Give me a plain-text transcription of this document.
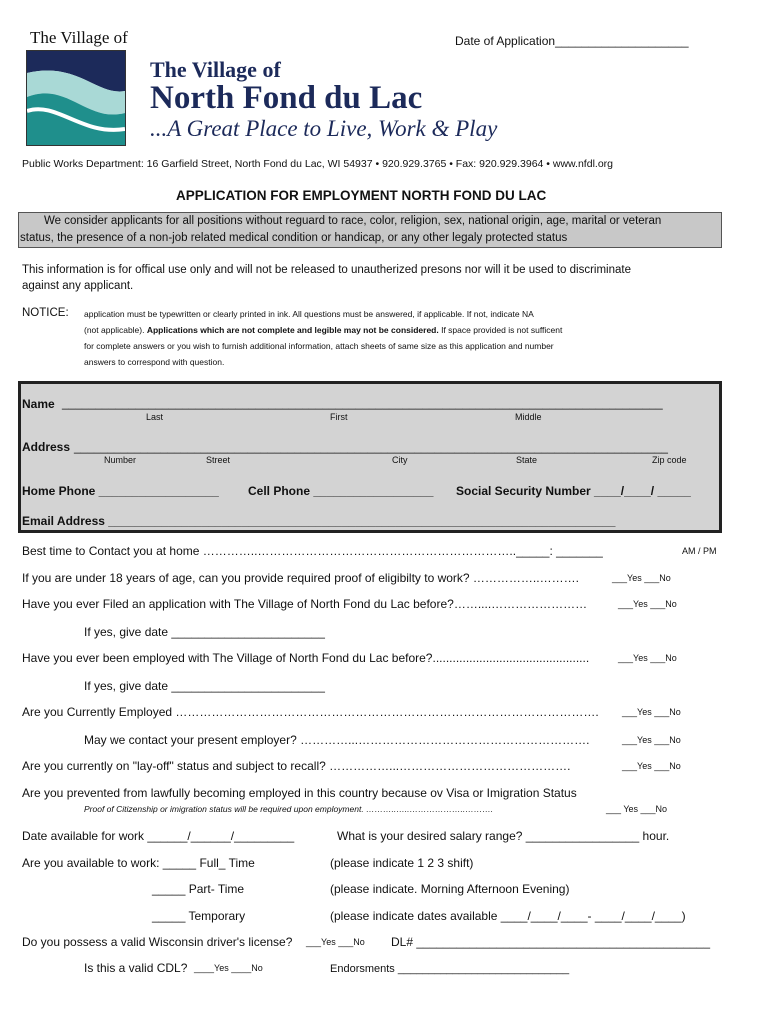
The Village of	Date of Application____________________
The Village of
North Fond du Lac
...A Great Place to Live, Work & Play
Public Works Department: 16 Garfield Street, North Fond du Lac, WI 54937 • 920.929.3765 • Fax: 920.929.3964 • www.nfdl.org
APPLICATION FOR EMPLOYMENT NORTH FOND DU LAC
We consider applicants for all positions without reguard to race, color, religion, sex, national origin, age, marital or veteran
status, the presence of a non-job related medical condition or handicap, or any other legaly protected status
This information is for offical use only and will not be released to unautherized presons nor will it be used to discriminate
against any applicant.
NOTICE: application must be typewritten or clearly printed in ink. All questions must be answered, if applicable. If not, indicate NA
(not applicable). Applications which are not complete and legible may not be considered. If space provided is not sufficent
for complete answers or you wish to furnish additional information, attach sheets of same size as this application and number
answers to correspond with question.
Name __________________________________________________________________________________________
Last	First	Middle
Address _________________________________________________________________________________________
Number	Street	City	State	Zip code
Home Phone __________________ Cell Phone __________________ Social Security Number ____/____/ _____
Email Address ____________________________________________________________________________
Best time to Contact you at home …………..……………………………………………………….._____: _______	AM / PM
If you are under 18 years of age, can you provide required proof of eligibilty to work? ……………..……….	___Yes ___No
Have you ever Filed an application with The Village of North Fond du Lac before?……....……………………	___Yes ___No
If yes, give date _______________________
Have you ever been employed with The Village of North Fond du Lac before?...............................................	___Yes ___No
If yes, give date _______________________
Are you Currently Employed …………………………………………………………………………………………….	___Yes ___No
May we contact your present employer? …………...………………………………………………….	___Yes ___No
Are you currently on "lay-off" status and subject to recall? ……………...…………………………………….	___Yes ___No
Are you prevented from lawfully becoming employed in this country because ov Visa or Imigration Status
Proof of Citizenship or imigration status will be required upon employment. ………..…..………………..……….	___ Yes ___No
Date available for work ______/______/_________	What is your desired salary range? _________________ hour.
Are you available to work: _____ Full_ Time	(please indicate 1 2 3 shift)
_____ Part- Time	(please indicate. Morning Afternoon Evening)
_____ Temporary	(please indicate dates available ____/____/____- ____/____/____)
Do you possess a valid Wisconsin driver's license? ___Yes ___No DL# ____________________________________________
Is this a valid CDL? ____Yes ____No	Endorsments ____________________________
